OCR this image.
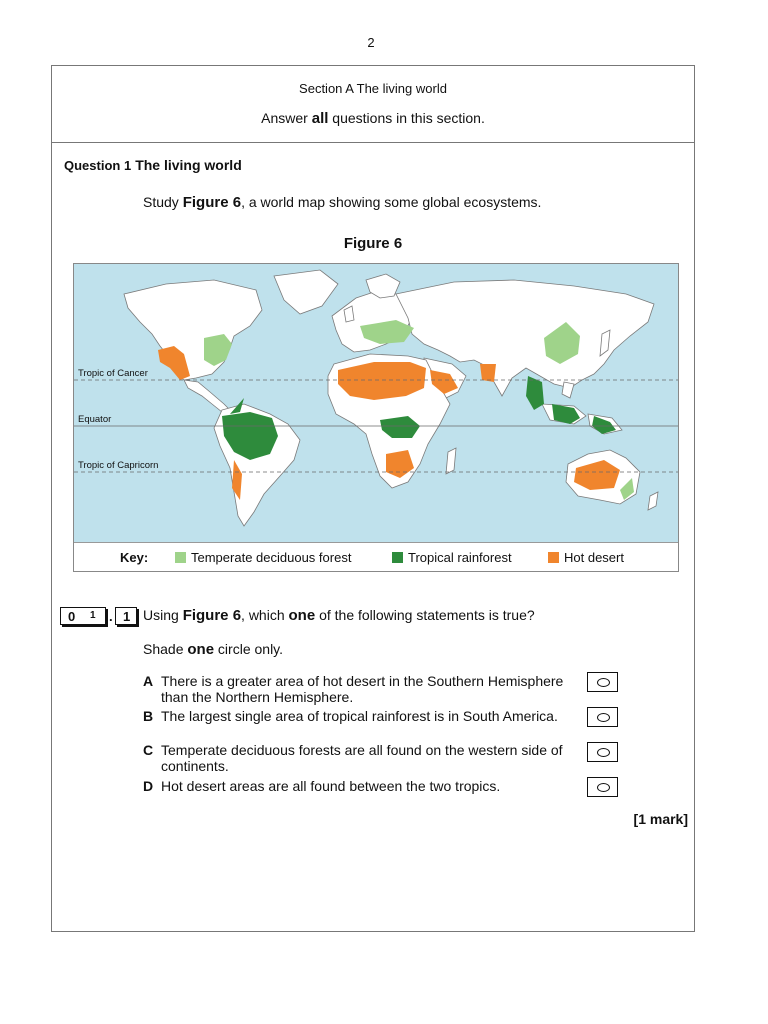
2
Section A The living world
Answer all questions in this section.
Question 1 The living world
Study Figure 6, a world map showing some global ecosystems.
Figure 6
Tropic of Cancer
Equator
Tropic of Capricorn
Key:	Temperate deciduous forest	Tropical rainforest	Hot desert
0 1 . 1 Using Figure 6, which one of the following statements is true?
Shade one circle only.
A There is a greater area of hot desert in the Southern Hemisphere than the Northern Hemisphere.
B The largest single area of tropical rainforest is in South America.
C Temperate deciduous forests are all found on the western side of continents.
D Hot desert areas are all found between the two tropics.
[1 mark]
